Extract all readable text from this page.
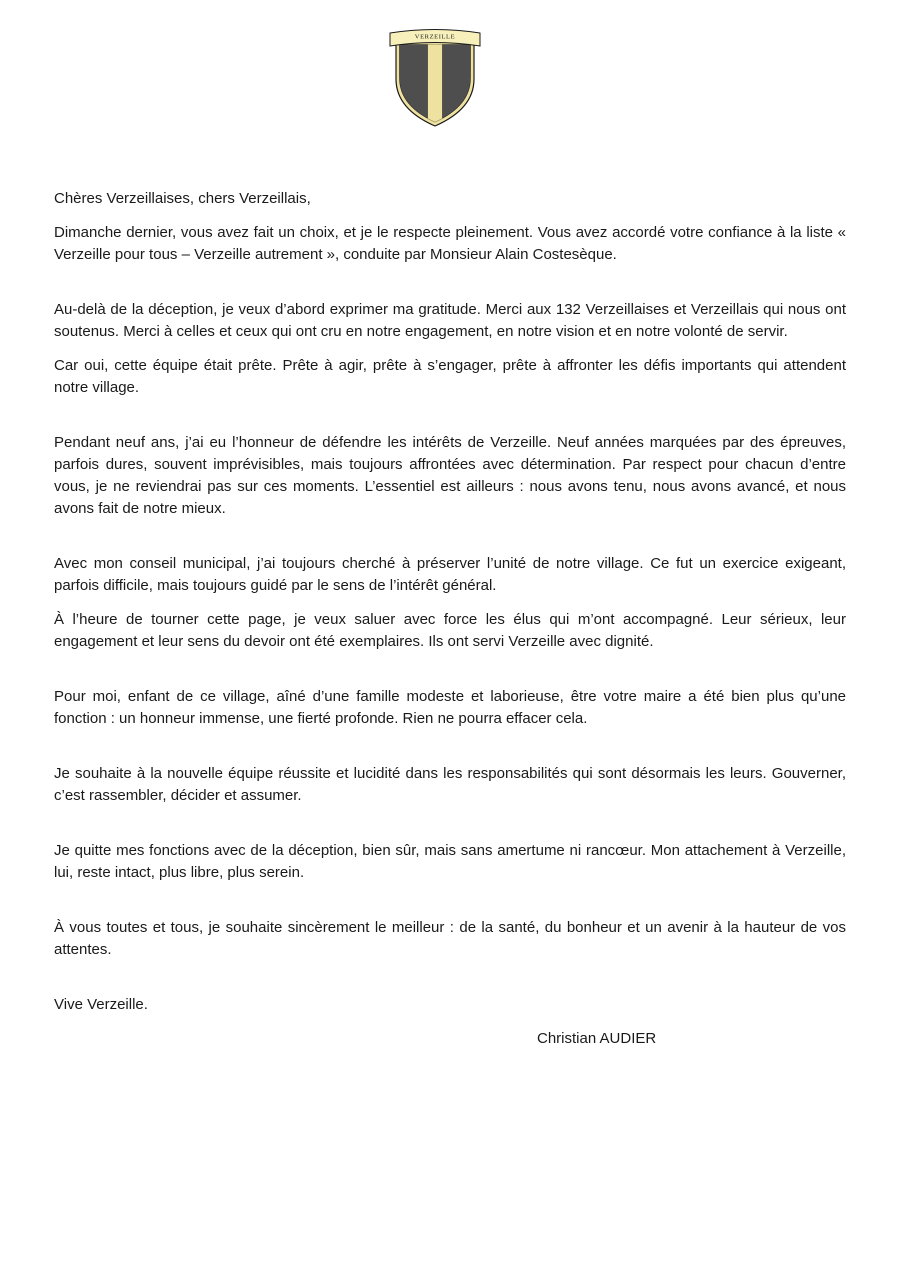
VERZEILLE

Chères Verzeillaises, chers Verzeillais,

Dimanche dernier, vous avez fait un choix, et je le respecte pleinement. Vous avez accordé votre confiance à la liste « Verzeille pour tous – Verzeille autrement », conduite par Monsieur Alain Costesèque.

Au-delà de la déception, je veux d’abord exprimer ma gratitude. Merci aux 132 Verzeillaises et Verzeillais qui nous ont soutenus. Merci à celles et ceux qui ont cru en notre engagement, en notre vision et en notre volonté de servir.

Car oui, cette équipe était prête. Prête à agir, prête à s’engager, prête à affronter les défis importants qui attendent notre village.

Pendant neuf ans, j’ai eu l’honneur de défendre les intérêts de Verzeille. Neuf années marquées par des épreuves, parfois dures, souvent imprévisibles, mais toujours affrontées avec détermination. Par respect pour chacun d’entre vous, je ne reviendrai pas sur ces moments. L’essentiel est ailleurs : nous avons tenu, nous avons avancé, et nous avons fait de notre mieux.

Avec mon conseil municipal, j’ai toujours cherché à préserver l’unité de notre village. Ce fut un exercice exigeant, parfois difficile, mais toujours guidé par le sens de l’intérêt général.

À l’heure de tourner cette page, je veux saluer avec force les élus qui m’ont accompagné. Leur sérieux, leur engagement et leur sens du devoir ont été exemplaires. Ils ont servi Verzeille avec dignité.

Pour moi, enfant de ce village, aîné d’une famille modeste et laborieuse, être votre maire a été bien plus qu’une fonction : un honneur immense, une fierté profonde. Rien ne pourra effacer cela.

Je souhaite à la nouvelle équipe réussite et lucidité dans les responsabilités qui sont désormais les leurs. Gouverner, c’est rassembler, décider et assumer.

Je quitte mes fonctions avec de la déception, bien sûr, mais sans amertume ni rancœur. Mon attachement à Verzeille, lui, reste intact, plus libre, plus serein.

À vous toutes et tous, je souhaite sincèrement le meilleur : de la santé, du bonheur et un avenir à la hauteur de vos attentes.

Vive Verzeille.

Christian AUDIER
